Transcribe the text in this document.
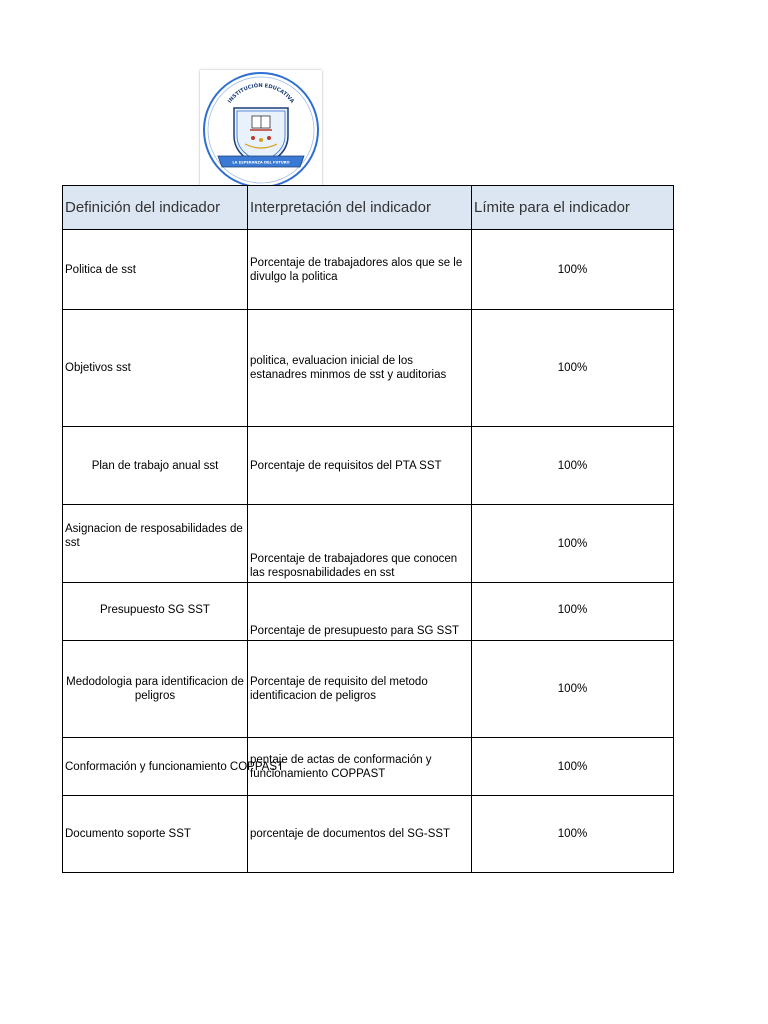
INSTITUCIÓN EDUCATIVA
LA ESPERANZA DEL FUTURO
Definición del indicador	Interpretación del indicador	Límite para el indicador
Politica de sst	Porcentaje de trabajadores alos que se le divulgo la politica	100%
Objetivos sst	politica, evaluacion inicial de los estanadres minmos de sst y auditorias	100%
Plan de trabajo anual sst	Porcentaje de requisitos del PTA SST	100%
Asignacion de resposabilidades de sst	Porcentaje de trabajadores que conocen las resposnabilidades en sst	100%
Presupuesto SG SST	Porcentaje de presupuesto para SG SST	100%
Medodologia para identificacion de peligros	Porcentaje de requisito del metodo identificacion de peligros	100%
Conformación y funcionamiento COPPAST	pentaje de actas de conformación y funcionamiento COPPAST	100%
Documento soporte SST	porcentaje de documentos del SG-SST	100%
